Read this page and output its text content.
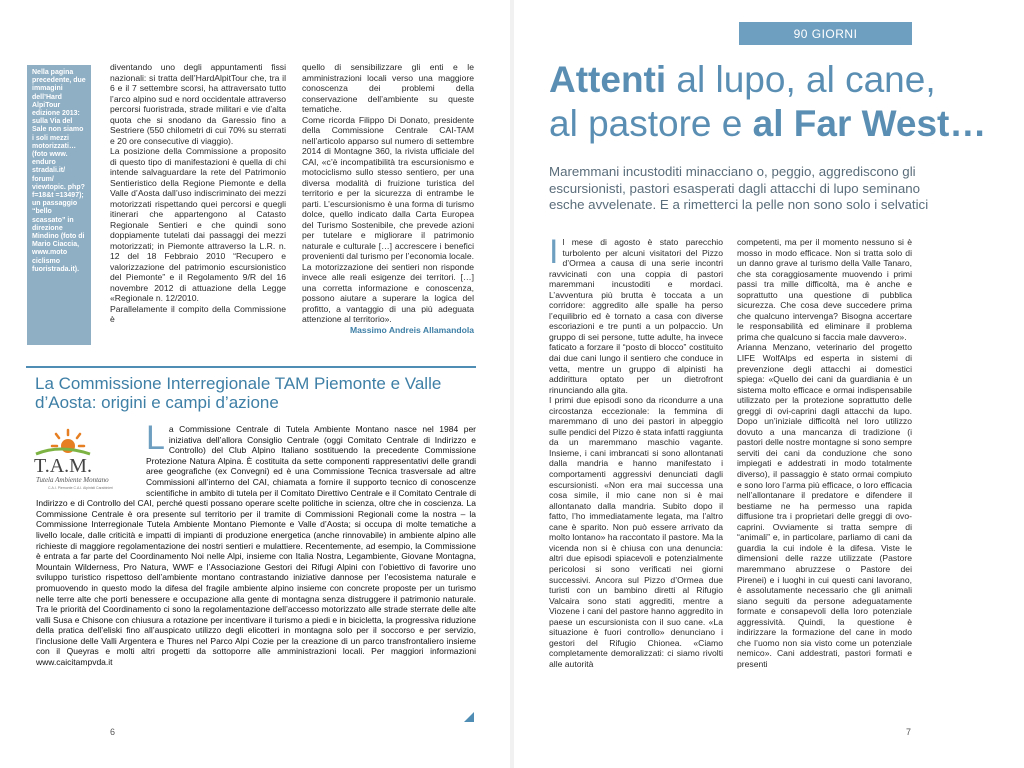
Nella pagina precedente, due immagini dell’Hard AlpiTour edizione 2013: sulla Via del Sale non siamo i soli mezzi motorizzati… (foto www. enduro stradali.it/ forum/ viewtopic. php?f=18&t =13497); un passaggio “bello scassato” in direzione Mindino (foto di Mario Ciaccia, www.moto ciclismo fuoristrada.it).

diventando uno degli appuntamenti fissi nazionali: si tratta dell’HardAlpitTour che, tra il 6 e il 7 settembre scorsi, ha attraversato tutto l’arco alpino sud e nord occidentale attraverso percorsi fuoristrada, strade militari e vie d’alta quota che si snodano da Garessio fino a Sestriere (550 chilometri di cui 70% su sterrati e 20 ore consecutive di viaggio).
La posizione della Commissione a proposito di questo tipo di manifestazioni è quella di chi intende salvaguardare la rete del Patrimonio Sentieristico della Regione Piemonte e della Valle d’Aosta dall’uso indiscriminato dei mezzi motorizzati rispettando quei percorsi e quegli itinerari che appartengono al Catasto Regionale Sentieri e che quindi sono doppiamente tutelati dai passaggi dei mezzi motorizzati; in Piemonte attraverso la L.R. n. 12 del 18 Febbraio 2010 “Recupero e valorizzazione del patrimonio escursionistico del Piemonte” e il Regolamento 9/R del 16 novembre 2012 di attuazione della Legge «Regionale n. 12/2010.
Parallelamente il compito della Commissione è

quello di sensibilizzare gli enti e le amministrazioni locali verso una maggiore conoscenza dei problemi della conservazione dell’ambiente su queste tematiche.
Come ricorda Filippo Di Donato, presidente della Commissione Centrale CAI-TAM nell’articolo apparso sul numero di settembre 2014 di Montagne 360, la rivista ufficiale del CAI, «c’è incompatibilità tra escursionismo e motociclismo sullo stesso sentiero, per una diversa modalità di fruizione turistica del territorio e per la sicurezza di entrambe le parti. L’escursionismo è una forma di turismo dolce, quello indicato dalla Carta Europea del Turismo Sostenibile, che prevede azioni per tutelare e migliorare il patrimonio naturale e culturale […] accrescere i benefici provenienti dal turismo per l’economia locale. La motorizzazione dei sentieri non risponde invece alle reali esigenze dei territori. […] una corretta informazione e conoscenza, possono aiutare a superare la logica del profitto, a vantaggio di una più adeguata attenzione al territorio».

Massimo Andreis Allamandola

La Commissione Interregionale TAM Piemonte e Valle d’Aosta: origini e campi d’azione
T.A.M.
Tutela Ambiente Montano
C.A.I. Piemonte C.A.I. Alpinisti Carabinieri
L a Commissione Centrale di Tutela Ambiente Montano nasce nel 1984 per iniziativa dell’allora Consiglio Centrale (oggi Comitato Centrale di Indirizzo e Controllo) del Club Alpino Italiano sostituendo la precedente Commissione Protezione Natura Alpina. È costituita da sette componenti rappresentativi delle grandi aree geografiche (ex Convegni) ed è una Commissione Tecnica trasversale ad altre Commissioni all’interno del CAI, chiamata a fornire il supporto tecnico di conoscenze scientifiche in ambito di tutela per il Comitato Direttivo Centrale e il Comitato Centrale di Indirizzo e di Controllo del CAI, perché questi possano operare scelte politiche in scienza, oltre che in coscienza. La Commissione Centrale è ora presente sul territorio per il tramite di Commissioni Regionali come la nostra – la Commissione Interregionale Tutela Ambiente Montano Piemonte e Valle d’Aosta; si occupa di molte tematiche a livello locale, dalle criticità e impatti di impianti di produzione energetica (anche rinnovabile) in ambiente alpino alle richieste di maggiore regolamentazione dei nostri sentieri e mulattiere. Recentemente, ad esempio, la Commissione è entrata a far parte del Coordinamento Noi nelle Alpi, insieme con Italia Nostra, Legambiente, Giovane Montagna, Mountain Wilderness, Pro Natura, WWF e l’Associazione Gestori dei Rifugi Alpini con l’obiettivo di favorire uno sviluppo turistico rispettoso dell’ambiente montano contrastando iniziative dannose per l’ecosistema naturale e promuovendo in questo modo la difesa del fragile ambiente alpino insieme con concrete proposte per un turismo nelle terre alte che porti benessere e occupazione alla gente di montagna senza distruggere il patrimonio naturale. Tra le priorità del Coordinamento ci sono la regolamentazione dell’accesso motorizzato alle strade sterrate delle alte valli Susa e Chisone con chiusura a rotazione per incentivare il turismo a piedi e in bicicletta, la progressiva riduzione della pratica dell’eliski fino all’auspicato utilizzo degli elicotteri in montagna solo per il soccorso e per servizio, l’inclusione delle Valli Argentera e Thures nel Parco Alpi Cozie per la creazione di un parco transfrontaliero insieme con il Queyras e molti altri progetti da sottoporre alle amministrazioni locali. Per maggiori informazioni www.caicitampvda.it
6
90 GIORNI
Attenti al lupo, al cane,
al pastore e al Far West…
Maremmani incustoditi minacciano o, peggio, aggrediscono gli escursionisti, pastori esasperati dagli attacchi di lupo seminano esche avvelenate. E a rimetterci la pelle non sono solo i selvatici
I l mese di agosto è stato parecchio turbolento per alcuni visitatori del Pizzo d’Ormea a causa di una serie incontri ravvicinati con una coppia di pastori maremmani incustoditi e mordaci. L’avventura più brutta è toccata a un corridore: aggredito alle spalle ha perso l’equilibrio ed è tornato a casa con diverse escoriazioni e tre punti a un polpaccio. Un gruppo di sei persone, tutte adulte, ha invece faticato a forzare il “posto di blocco” costituito dai due cani lungo il sentiero che conduce in vetta, mentre un gruppo di alpinisti ha addirittura optato per un dietrofront rinunciando alla gita.
I primi due episodi sono da ricondurre a una circostanza eccezionale: la femmina di maremmano di uno dei pastori in alpeggio sulle pendici del Pizzo è stata infatti raggiunta da un maremmano maschio vagante. Insieme, i cani imbrancati si sono allontanati dalla mandria e hanno manifestato i comportamenti aggressivi denunciati dagli escursionisti. «Non era mai successa una cosa simile, il mio cane non si è mai allontanato dalla mandria. Subito dopo il fatto, l’ho immediatamente legata, ma l’altro cane è sparito. Non può essere arrivato da molto lontano» ha raccontato il pastore. Ma la vicenda non si è chiusa con una denuncia: altri due episodi spiacevoli e potenzialmente pericolosi si sono verificati nei giorni successivi. Ancora sul Pizzo d’Ormea due turisti con un bambino diretti al Rifugio Valcaira sono stati aggrediti, mentre a Viozene i cani del pastore hanno aggredito in paese un escursionista con il suo cane. «La situazione è fuori controllo» denunciano i gestori del Rifugio Chionea. «Ciamo completamente demoralizzati: ci siamo rivolti alle autorità
competenti, ma per il momento nessuno si è mosso in modo efficace. Non si tratta solo di un danno grave al turismo della Valle Tanaro, che sta coraggiosamente muovendo i primi passi tra mille difficoltà, ma è anche e soprattutto una questione di pubblica sicurezza. Che cosa deve succedere prima che qualcuno intervenga? Bisogna accertare le responsabilità ed eliminare il problema prima che qualcuno si faccia male davvero».
Arianna Menzano, veterinario del progetto LIFE WolfAlps ed esperta in sistemi di prevenzione degli attacchi ai domestici spiega: «Quello dei cani da guardiania è un sistema molto efficace e ormai indispensabile utilizzato per la protezione soprattutto delle greggi di ovi-caprini dagli attacchi da lupo. Dopo un’iniziale difficoltà nel loro utilizzo dovuto a una mancanza di tradizione (i pastori delle nostre montagne si sono sempre serviti dei cani da conduzione che sono impiegati e addestrati in modo totalmente diverso), il passaggio è stato ormai compiuto e sono loro l’arma più efficace, o loro efficacia nell’allontanare il predatore e difendere il bestiame ne ha permesso una rapida diffusione tra i proprietari delle greggi di ovo-caprini. Ovviamente si tratta sempre di “animali” e, in particolare, parliamo di cani da guardia la cui indole è la difesa. Viste le dimensioni delle razze utilizzate (Pastore maremmano abruzzese o Pastore dei Pirenei) e i luoghi in cui questi cani lavorano, è assolutamente necessario che gli animali siano seguiti da persone adeguatamente formate e consapevoli della loro potenziale aggressività. Quindi, la questione è indirizzare la formazione del cane in modo che l’uomo non sia visto come un potenziale nemico». Cani addestrati, pastori formati e presenti
7
